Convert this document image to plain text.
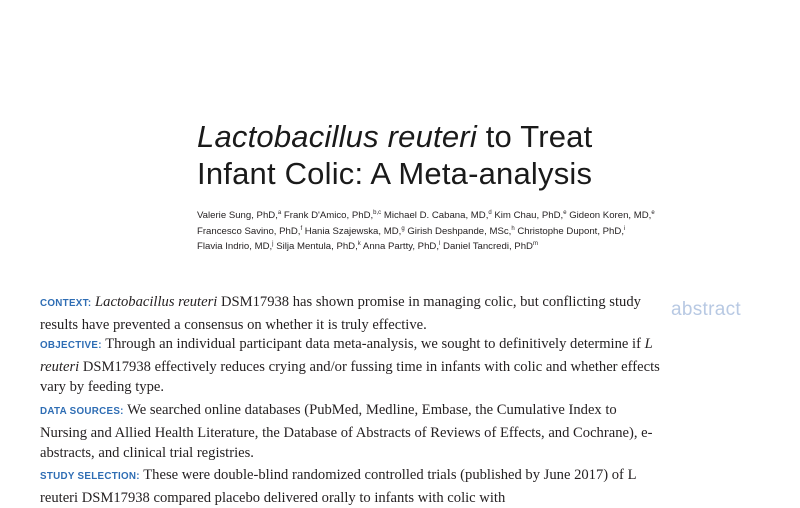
Lactobacillus reuteri to Treat
Infant Colic: A Meta-analysis
Valerie Sung, PhD,$^a$ Frank D'Amico, PhD,$^{b,c}$ Michael D. Cabana, MD,$^d$ Kim Chau, PhD,$^e$ Gideon Koren, MD,$^e$
Francesco Savino, PhD,$^f$ Hania Szajewska, MD,$^g$ Girish Deshpande, MSc,$^h$ Christophe Dupont, PhD,$^i$
Flavia Indrio, MD,$^j$ Silja Mentula, PhD,$^k$ Anna Partty, PhD,$^l$ Daniel Tancredi, PhD$^m$
abstract
CONTEXT: Lactobacillus reuteri DSM17938 has shown promise in managing colic, but conflicting study results have prevented a consensus on whether it is truly effective.
OBJECTIVE: Through an individual participant data meta-analysis, we sought to definitively determine if L reuteri DSM17938 effectively reduces crying and/or fussing time in infants with colic and whether effects vary by feeding type.
DATA SOURCES: We searched online databases (PubMed, Medline, Embase, the Cumulative Index to Nursing and Allied Health Literature, the Database of Abstracts of Reviews of Effects, and Cochrane), e-abstracts, and clinical trial registries.
STUDY SELECTION: These were double-blind randomized controlled trials (published by June 2017) of L reuteri DSM17938 compared placebo delivered orally to infants with colic with
